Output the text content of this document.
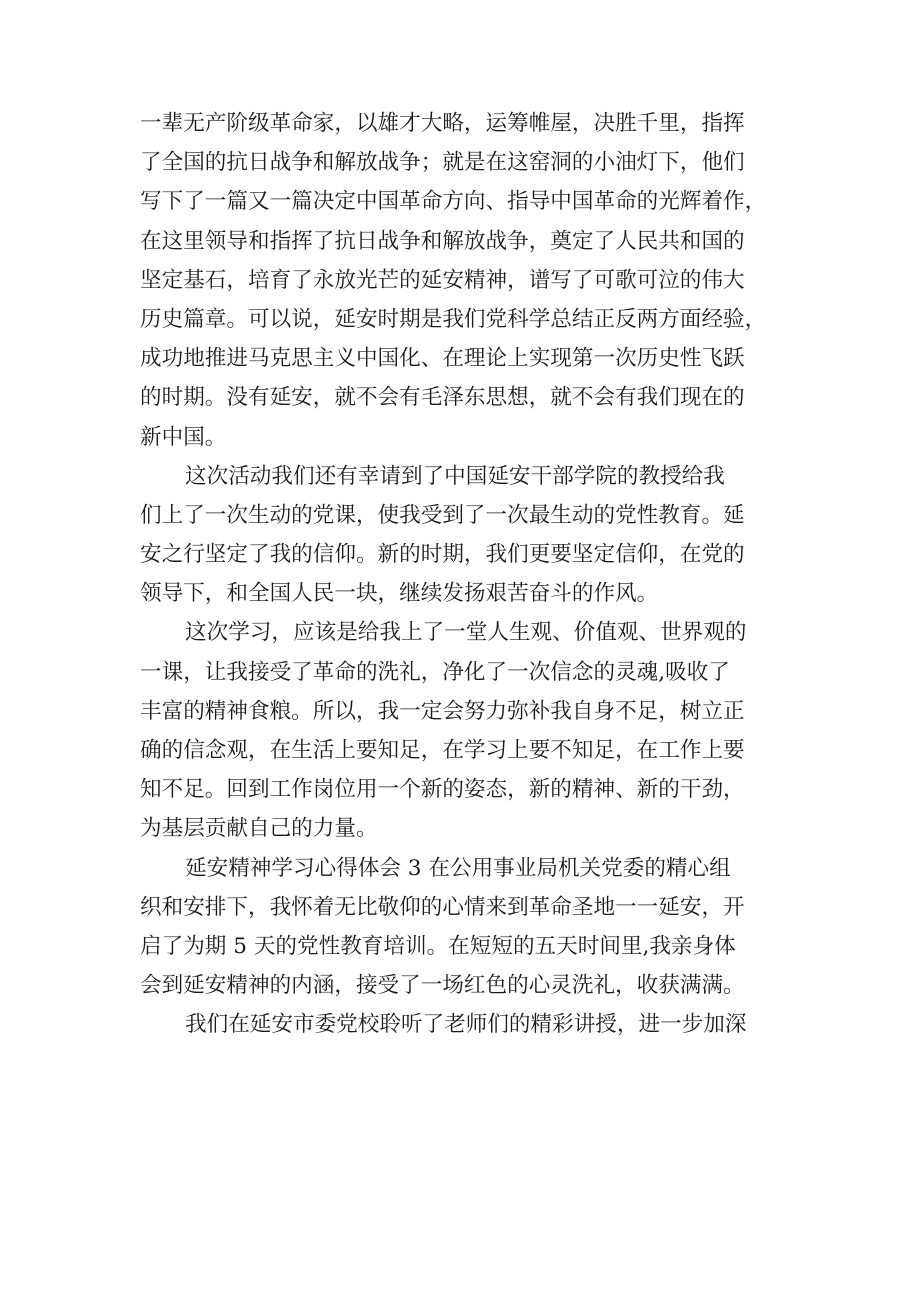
一辈无产阶级革命家，以雄才大略，运筹帷屋，决胜千里，指挥
了全国的抗日战争和解放战争；就是在这窑洞的小油灯下，他们
写下了一篇又一篇决定中国革命方向、指导中国革命的光辉着作，
在这里领导和指挥了抗日战争和解放战争，奠定了人民共和国的
坚定基石，培育了永放光芒的延安精神，谱写了可歌可泣的伟大
历史篇章。可以说，延安时期是我们党科学总结正反两方面经验，
成功地推进马克思主义中国化、在理论上实现第一次历史性飞跃
的时期。没有延安，就不会有毛泽东思想，就不会有我们现在的
新中国。
这次活动我们还有幸请到了中国延安干部学院的教授给我
们上了一次生动的党课，使我受到了一次最生动的党性教育。延
安之行坚定了我的信仰。新的时期，我们更要坚定信仰，在党的
领导下，和全国人民一块，继续发扬艰苦奋斗的作风。
这次学习，应该是给我上了一堂人生观、价值观、世界观的
一课，让我接受了革命的洗礼，净化了一次信念的灵魂,吸收了
丰富的精神食粮。所以，我一定会努力弥补我自身不足，树立正
确的信念观，在生活上要知足，在学习上要不知足，在工作上要
知不足。回到工作岗位用一个新的姿态，新的精神、新的干劲，
为基层贡献自己的力量。
延安精神学习心得体会 3 在公用事业局机关党委的精心组
织和安排下，我怀着无比敬仰的心情来到革命圣地一一延安，开
启了为期 5 天的党性教育培训。在短短的五天时间里,我亲身体
会到延安精神的内涵，接受了一场红色的心灵洗礼，收获满满。
我们在延安市委党校聆听了老师们的精彩讲授，进一步加深
